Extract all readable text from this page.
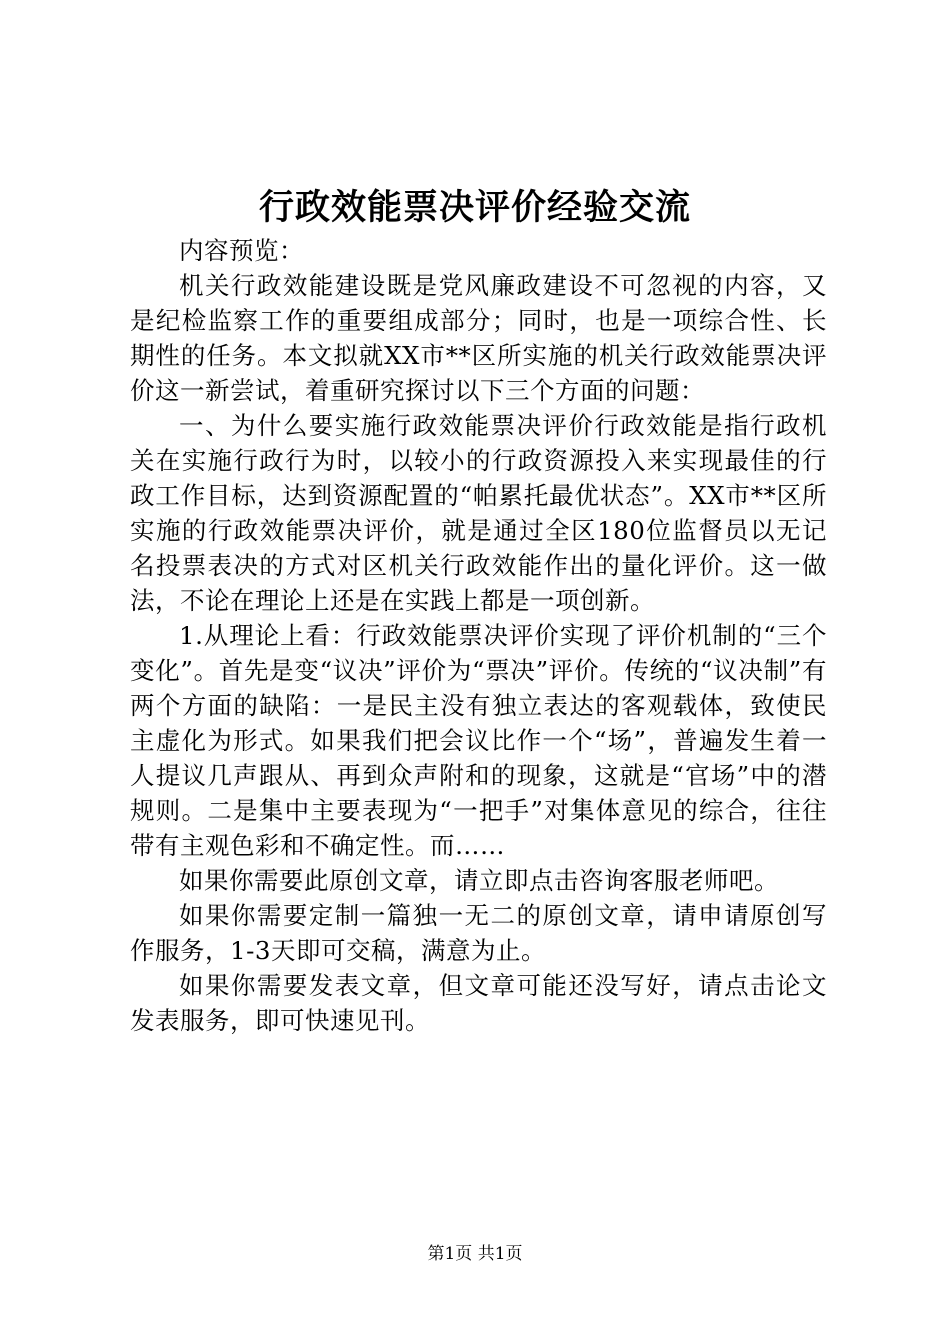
行政效能票决评价经验交流

内容预览：

机关行政效能建设既是党风廉政建设不可忽视的内容，又是纪检监察工作的重要组成部分；同时，也是一项综合性、长期性的任务。本文拟就XX市**区所实施的机关行政效能票决评价这一新尝试，着重研究探讨以下三个方面的问题：

一、为什么要实施行政效能票决评价行政效能是指行政机关在实施行政行为时，以较小的行政资源投入来实现最佳的行政工作目标，达到资源配置的“帕累托最优状态”。XX市**区所实施的行政效能票决评价，就是通过全区180位监督员以无记名投票表决的方式对区机关行政效能作出的量化评价。这一做法，不论在理论上还是在实践上都是一项创新。

1.从理论上看：行政效能票决评价实现了评价机制的“三个变化”。首先是变“议决”评价为“票决”评价。传统的“议决制”有两个方面的缺陷：一是民主没有独立表达的客观载体，致使民主虚化为形式。如果我们把会议比作一个“场”，普遍发生着一人提议几声跟从、再到众声附和的现象，这就是“官场”中的潜规则。二是集中主要表现为“一把手”对集体意见的综合，往往带有主观色彩和不确定性。而……

如果你需要此原创文章，请立即点击咨询客服老师吧。

如果你需要定制一篇独一无二的原创文章，请申请原创写作服务，1-3天即可交稿，满意为止。

如果你需要发表文章，但文章可能还没写好，请点击论文发表服务，即可快速见刊。

第1页 共1页
